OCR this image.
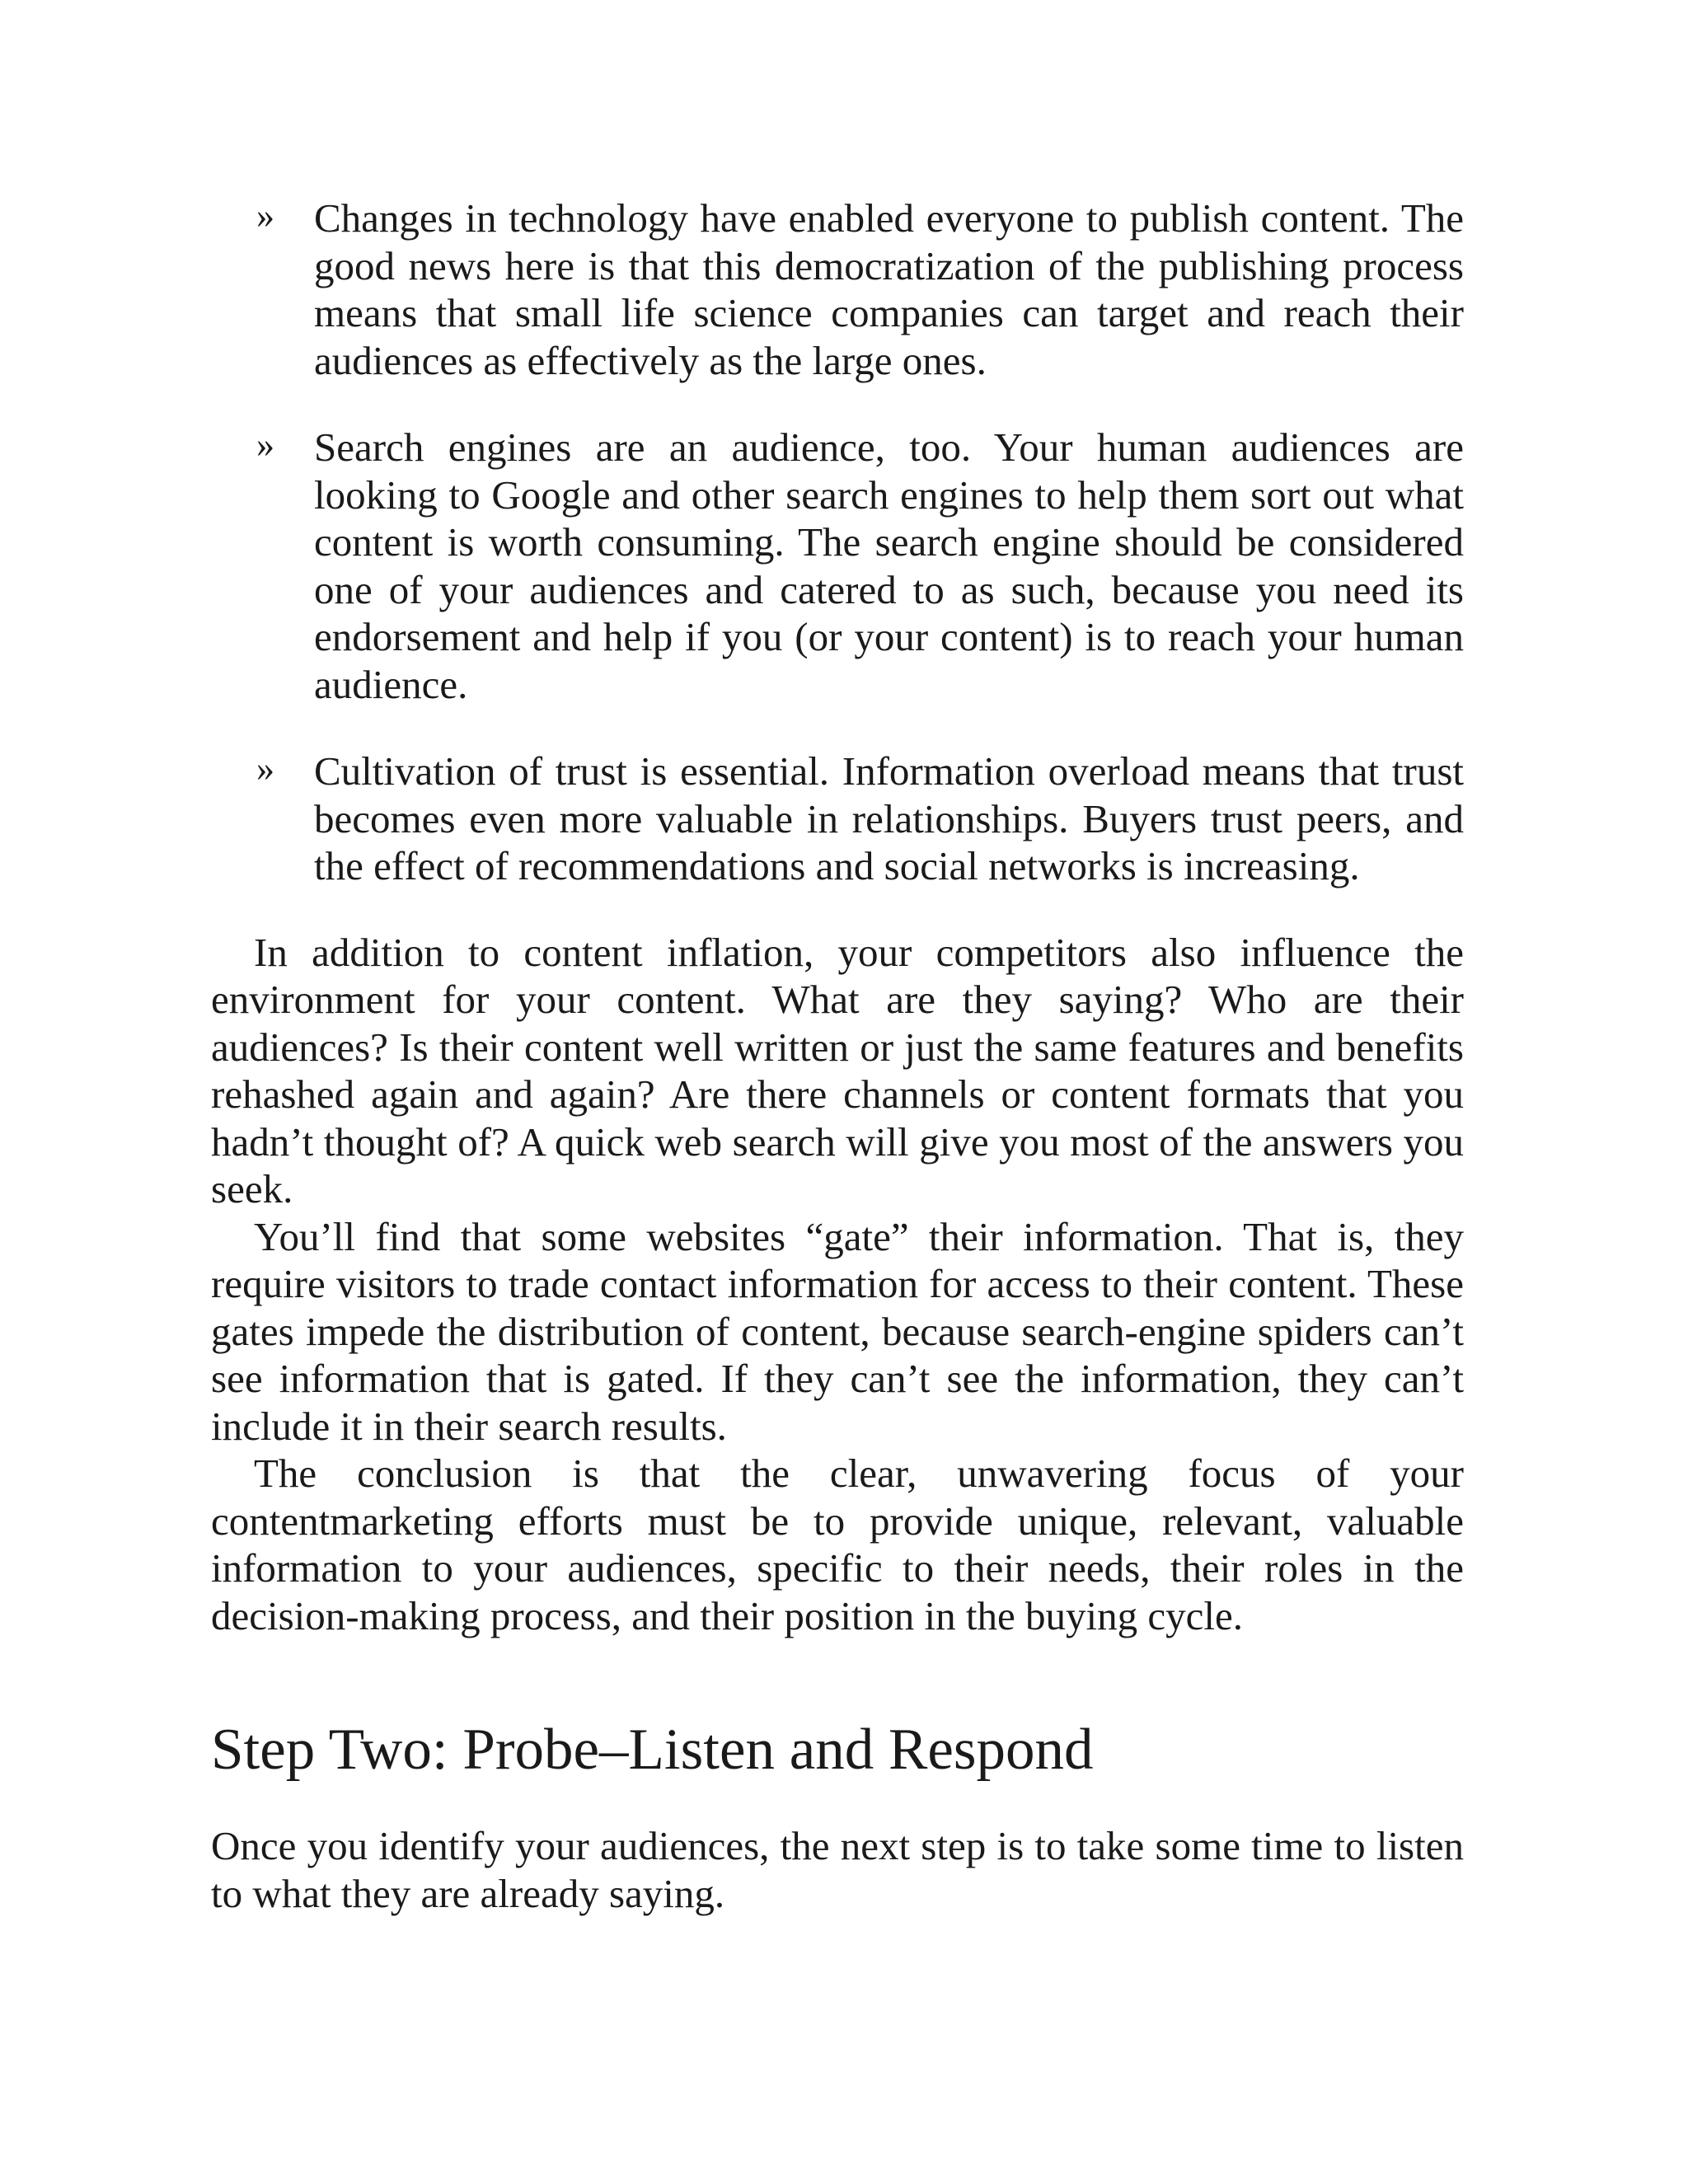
» Changes in technology have enabled everyone to publish content. The good news here is that this democratization of the publishing process means that small life science companies can target and reach their audiences as effectively as the large ones.
» Search engines are an audience, too. Your human audiences are looking to Google and other search engines to help them sort out what content is worth consuming. The search engine should be considered one of your audiences and catered to as such, because you need its endorsement and help if you (or your content) is to reach your human audience.
» Cultivation of trust is essential. Information overload means that trust becomes even more valuable in relationships. Buyers trust peers, and the effect of recommendations and social networks is increasing.

In addition to content inflation, your competitors also influence the environment for your content. What are they saying? Who are their audiences? Is their content well written or just the same features and benefits rehashed again and again? Are there channels or content formats that you hadn’t thought of? A quick web search will give you most of the answers you seek.

You’ll find that some websites “gate” their information. That is, they require visitors to trade contact information for access to their content. These gates impede the distribution of content, because search-engine spiders can’t see information that is gated. If they can’t see the information, they can’t include it in their search results.

The conclusion is that the clear, unwavering focus of your contentmarketing efforts must be to provide unique, relevant, valuable information to your audiences, specific to their needs, their roles in the decision-making process, and their position in the buying cycle.

Step Two: Probe–Listen and Respond

Once you identify your audiences, the next step is to take some time to listen to what they are already saying.
